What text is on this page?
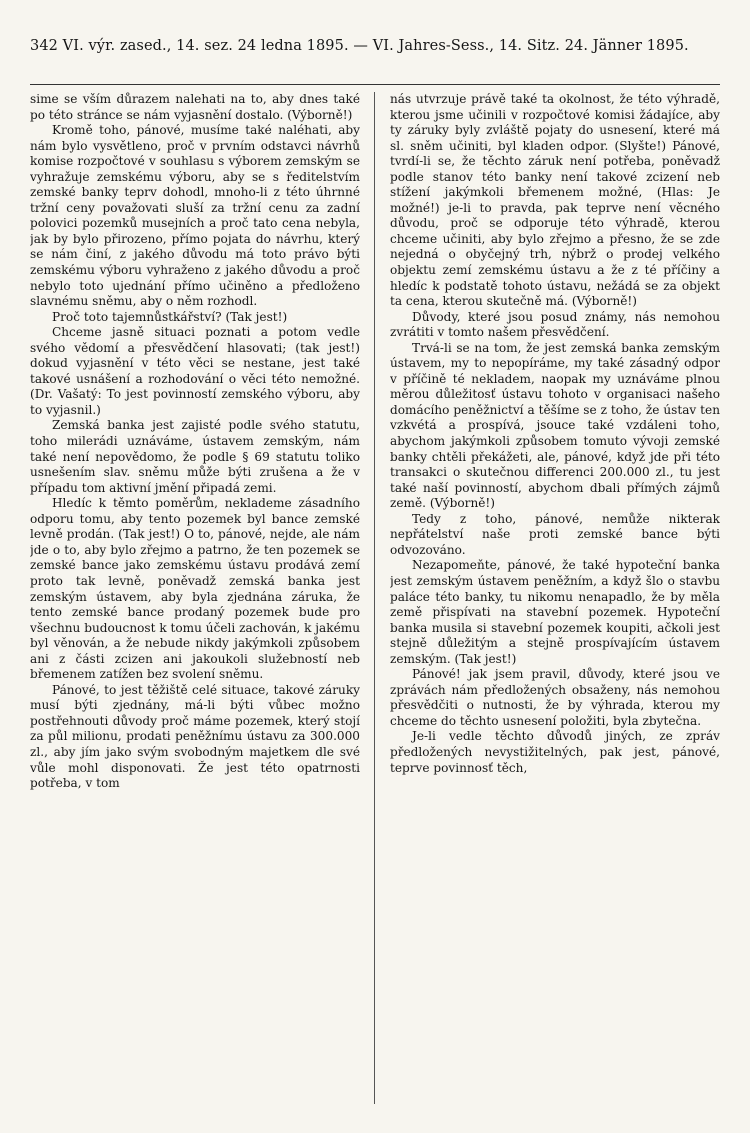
342 VI. výr. zased., 14. sez. 24 ledna 1895. — VI. Jahres-Sess., 14. Sitz. 24. Jänner 1895.

sime se vším důrazem nalehati na to, aby dnes také po této stránce se nám vyjasnění dostalo. (Výborně!)

Kromě toho, pánové, musíme také naléhati, aby nám bylo vysvětleno, proč v prvním odstavci návrhů komise rozpočtové v souhlasu s výborem zemským se vyhražuje zemskému výboru, aby se s ředitelstvím zemské banky teprv dohodl, mnoho-li z této úhrnné tržní ceny považovati sluší za tržní cenu za zadní polovici pozemků musejních a proč tato cena nebyla, jak by bylo přirozeno, přímo pojata do návrhu, který se nám činí, z jakého důvodu má toto právo býti zemskému výboru vyhraženo z jakého důvodu a proč nebylo toto ujednání přímo učiněno a předloženo slavnému sněmu, aby o něm rozhodl.

Proč toto tajemnůstkářství? (Tak jest!)

Chceme jasně situaci poznati a potom vedle svého vědomí a přesvědčení hlasovati; (tak jest!) dokud vyjasnění v této věci se nestane, jest také takové usnášení a rozhodování o věci této nemožné. (Dr. Vašatý: To jest povinností zemského výboru, aby to vyjasnil.)

Zemská banka jest zajisté podle svého statutu, toho milerádi uznáváme, ústavem zemským, nám také není nepovědomo, že podle § 69 statutu toliko usnešením slav. sněmu může býti zrušena a že v případu tom aktivní jmění připadá zemi.

Hledíc k těmto poměrům, neklademe zásadního odporu tomu, aby tento pozemek byl bance zemské levně prodán. (Tak jest!) O to, pánové, nejde, ale nám jde o to, aby bylo zřejmo a patrno, že ten pozemek se zemské bance jako zemskému ústavu prodává zemí proto tak levně, poněvadž zemská banka jest zemským ústavem, aby byla zjednána záruka, že tento zemské bance prodaný pozemek bude pro všechnu budoucnost k tomu účeli zachován, k jakému byl věnován, a že nebude nikdy jakýmkoli způsobem ani z části zcizen ani jakoukoli služebností neb břemenem zatížen bez svolení sněmu.

Pánové, to jest těžiště celé situace, takové záruky musí býti zjednány, má-li býti vůbec možno postřehnouti důvody proč máme pozemek, který stojí za půl milionu, prodati peněžnímu ústavu za 300.000 zl., aby jím jako svým svobodným majetkem dle své vůle mohl disponovati. Že jest této opatrnosti potřeba, v tom

nás utvrzuje právě také ta okolnost, že této výhradě, kterou jsme učinili v rozpočtové komisi žádajíce, aby ty záruky byly zvláště pojaty do usnesení, které má sl. sněm učiniti, byl kladen odpor. (Slyšte!) Pánové, tvrdí-li se, že těchto záruk není potřeba, poněvadž podle stanov této banky není takové zcizení neb stížení jakýmkoli břemenem možné, (Hlas: Je možné!) je-li to pravda, pak teprve není věcného důvodu, proč se odporuje této výhradě, kterou chceme učiniti, aby bylo zřejmo a přesno, že se zde nejedná o obyčejný trh, nýbrž o prodej velkého objektu zemí zemskému ústavu a že z té příčiny a hledíc k podstatě tohoto ústavu, nežádá se za objekt ta cena, kterou skutečně má. (Výborně!)

Důvody, které jsou posud známy, nás nemohou zvrátiti v tomto našem přesvědčení.

Trvá-li se na tom, že jest zemská banka zemským ústavem, my to nepopíráme, my také zásadný odpor v příčině té nekladem, naopak my uznáváme plnou měrou důležitosť ústavu tohoto v organisaci našeho domácího peněžnictví a těšíme se z toho, že ústav ten vzkvétá a prospívá, jsouce také vzdáleni toho, abychom jakýmkoli způsobem tomuto vývoji zemské banky chtěli překážeti, ale, pánové, když jde při této transakci o skutečnou differenci 200.000 zl., tu jest také naší povinností, abychom dbali přímých zájmů země. (Výborně!)

Tedy z toho, pánové, nemůže nikterak nepřátelství naše proti zemské bance býti odvozováno.

Nezapomeňte, pánové, že také hypoteční banka jest zemským ústavem peněžním, a když šlo o stavbu paláce této banky, tu nikomu nenapadlo, že by měla země přispívati na stavební pozemek. Hypoteční banka musila si stavební pozemek koupiti, ačkoli jest stejně důležitým a stejně prospívajícím ústavem zemským. (Tak jest!)

Pánové! jak jsem pravil, důvody, které jsou ve zprávách nám předložených obsaženy, nás nemohou přesvědčiti o nutnosti, že by výhrada, kterou my chceme do těchto usnesení položiti, byla zbytečna.

Je-li vedle těchto důvodů jiných, ze zpráv předložených nevystižitelných, pak jest, pánové, teprve povinnosť těch,
